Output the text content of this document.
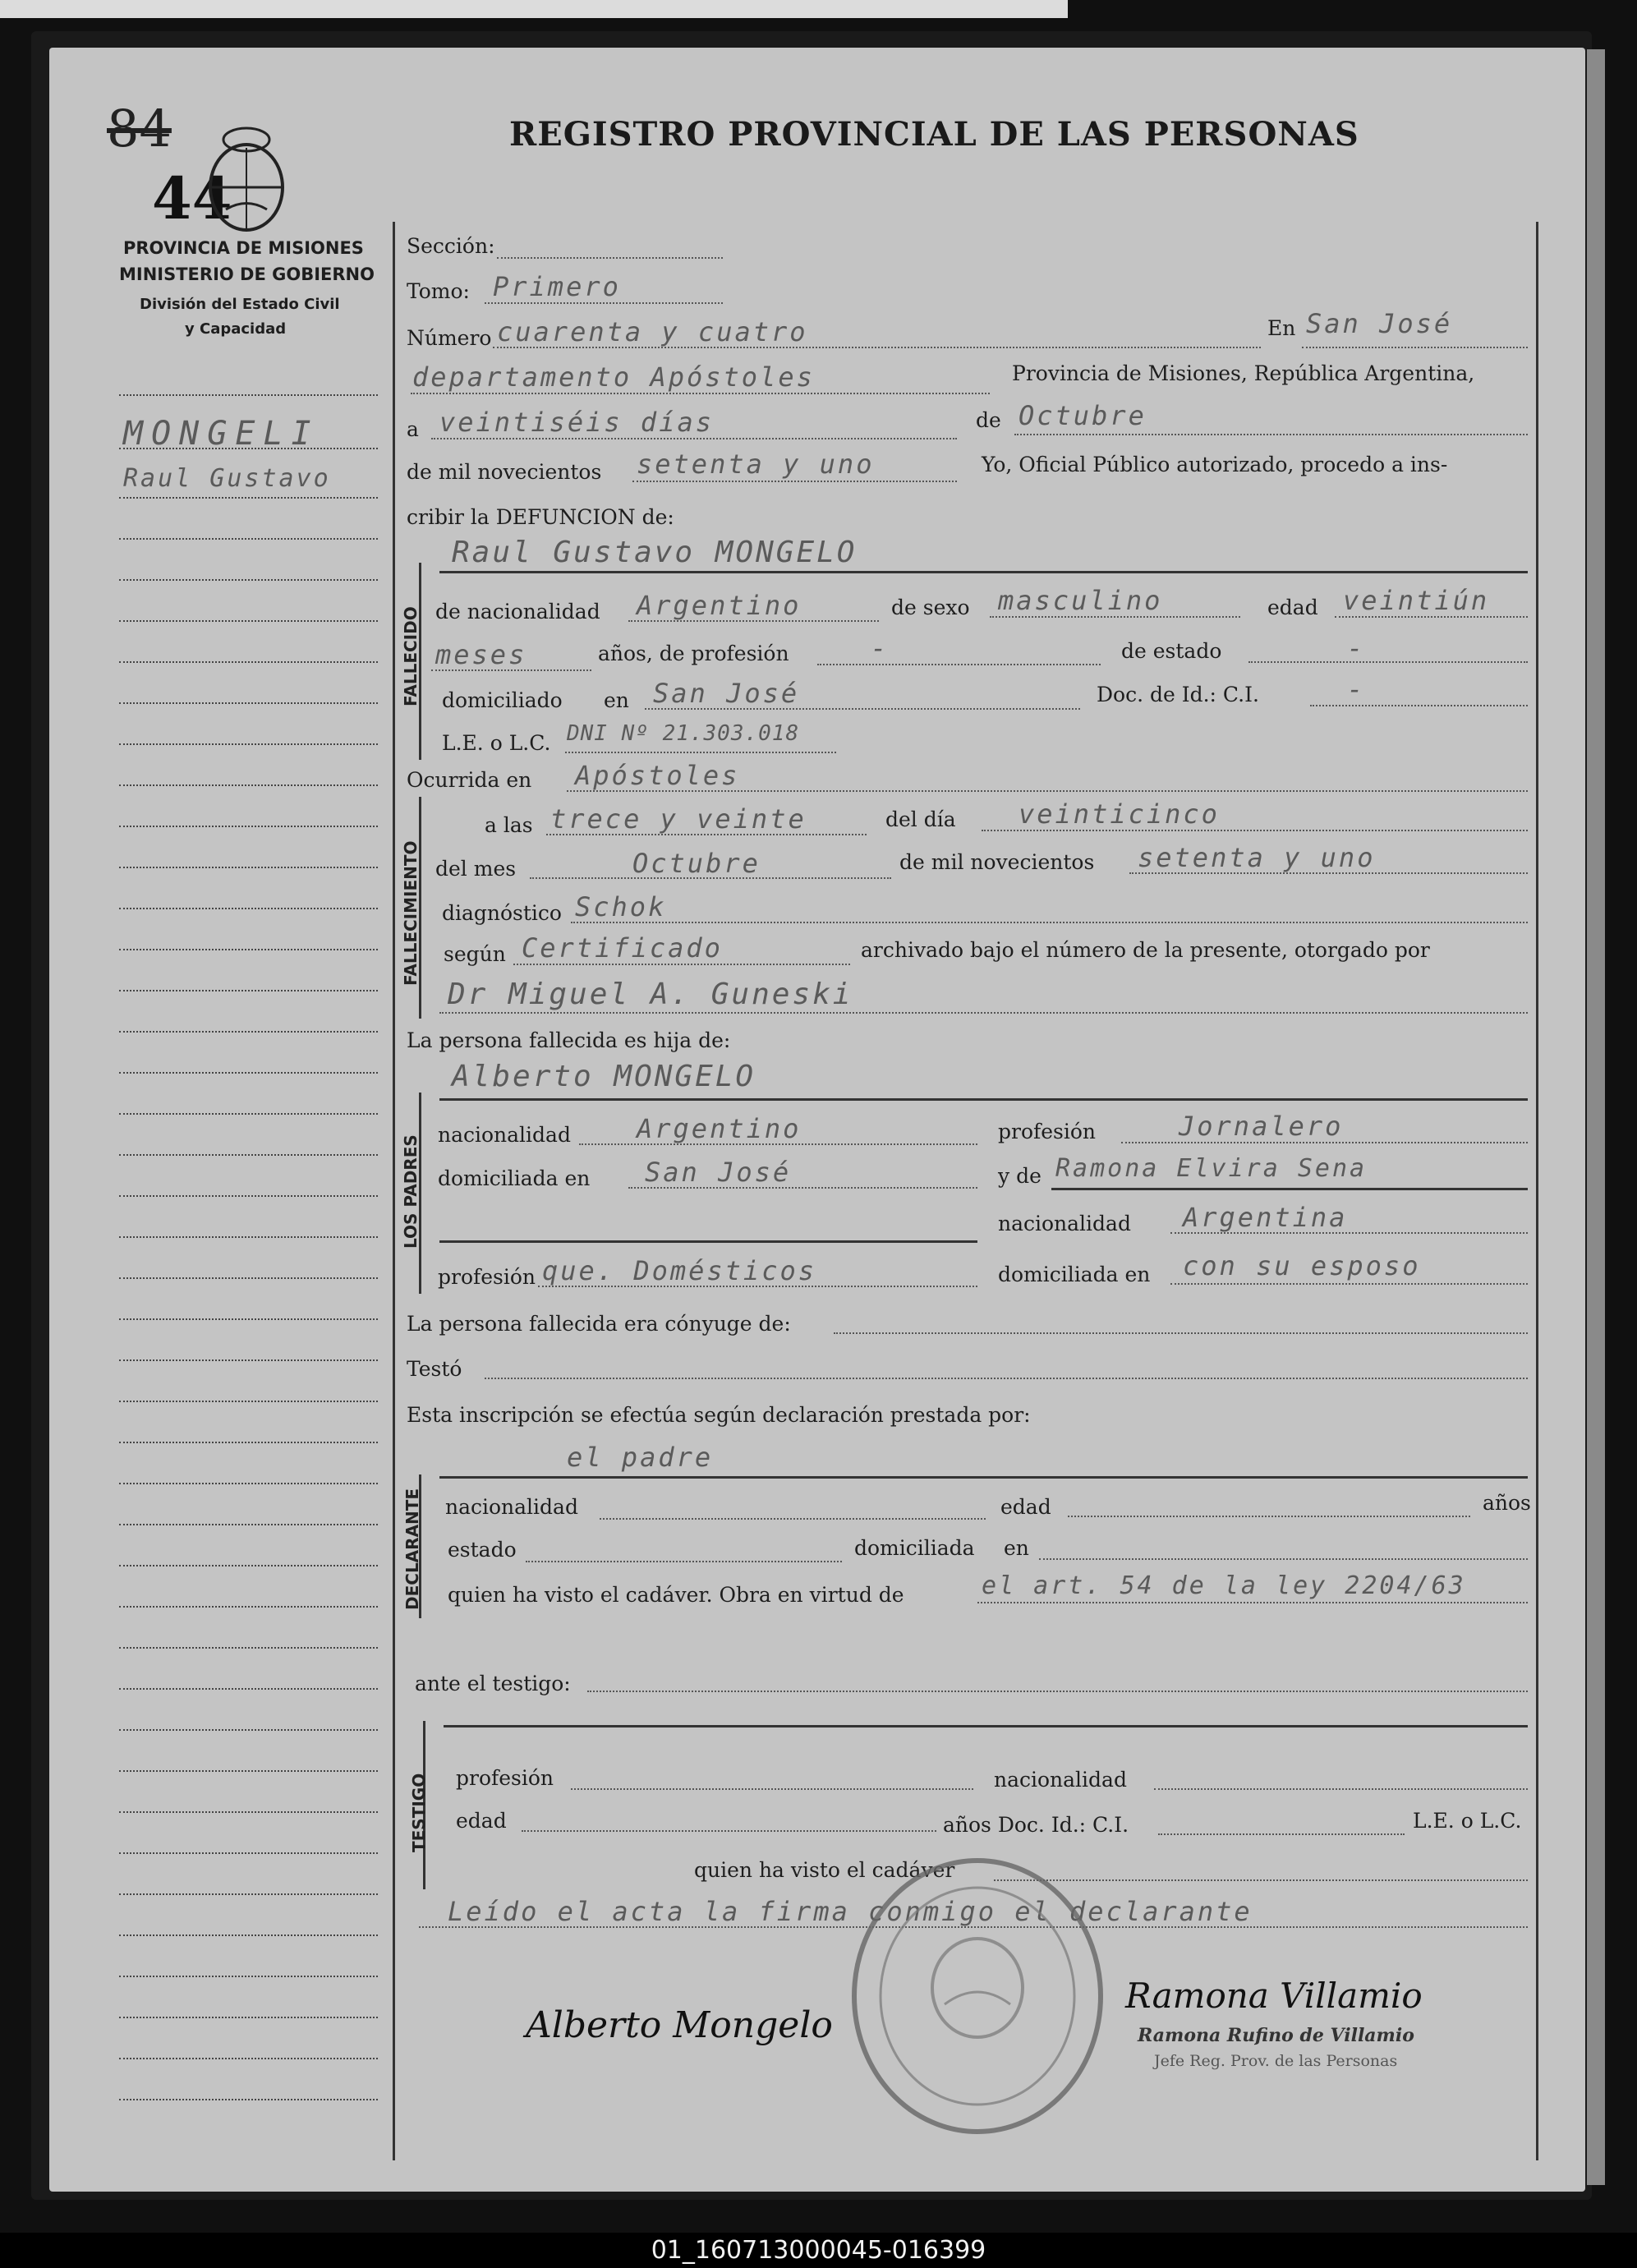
84
44
PROVINCIA DE MISIONES
MINISTERIO DE GOBIERNO
División del Estado Civil
y Capacidad
REGISTRO PROVINCIAL DE LAS PERSONAS
MONGELI
Raul Gustavo
Sección:
Tomo: Primero
Número cuarenta y cuatro	En San José
departamento Apóstoles	Provincia de Misiones, República Argentina,
a veintiséis días	de Octubre
de mil novecientos setenta y uno	Yo, Oficial Público autorizado, procedo a ins-
cribir la DEFUNCION de:
FALLECIDO
Raul Gustavo MONGELO
de nacionalidad Argentino	de sexo masculino	edad veintiún
meses	años, de profesión	-	de estado	-
domiciliado en San José	Doc. de Id.: C.I.	-
L.E. o L.C. DNI Nº 21.303.018
Ocurrida en Apóstoles
FALLECIMIENTO
a las trece y veinte	del día veinticinco
del mes	Octubre	de mil novecientos setenta y uno
diagnóstico Schok
según Certificado	archivado bajo el número de la presente, otorgado por
Dr Miguel A. Guneski
La persona fallecida es hija de:
LOS PADRES
Alberto MONGELO
nacionalidad	Argentino	profesión	Jornalero
domiciliada en San José	y de Ramona Elvira Sena
nacionalidad Argentina
profesión que. Domésticos	domiciliada en con su esposo
La persona fallecida era cónyuge de:
Testó
Esta inscripción se efectúa según declaración prestada por:
DECLARANTE
el padre
nacionalidad	edad	años
estado	domiciliada en
quien ha visto el cadáver. Obra en virtud de	el art. 54 de la ley 2204/63
ante el testigo:
TESTIGO profesión	nacionalidad
edad	años Doc. Id.: C.I.	L.E. o L.C.
quien ha visto el cadáver
Leído el acta la firma conmigo el declarante
Alberto Mongelo
Ramona Villamio
Ramona Rufino de Villamio
Jefe Reg. Prov. de las Personas
01_160713000045-016399
